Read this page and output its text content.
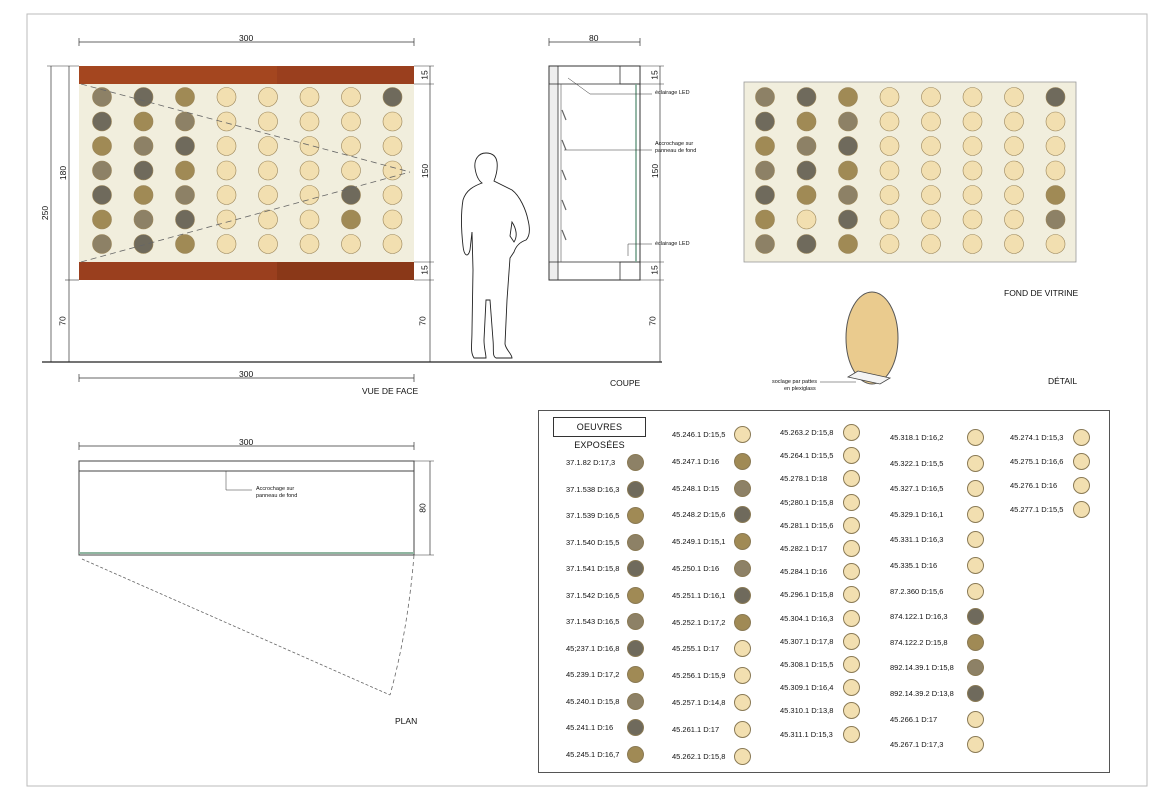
300
250
180
70
15
150
15
70
300
VUE DE FACE
80
15
150
15
70
éclairage LED
Accrochage sur
panneau de fond
éclairage LED
COUPE
FOND DE VITRINE
DÉTAIL
soclage par pattes
en plexiglass
300
80
Accrochage sur
panneau de fond
PLAN
OEUVRES EXPOSÉES
37.1.82 D:17,3
37.1.538 D:16,3
37.1.539 D:16,5
37.1.540 D:15,5
37.1.541 D:15,8
37.1.542 D:16,5
37.1.543 D:16,5
45;237.1 D:16,8
45.239.1 D:17,2
45.240.1 D:15,8
45.241.1 D:16
45.245.1 D:16,7
45.246.1 D:15,5
45.247.1 D:16
45.248.1 D:15
45.248.2 D:15,6
45.249.1 D:15,1
45.250.1 D:16
45.251.1 D:16,1
45.252.1 D:17,2
45.255.1 D:17
45.256.1 D:15,9
45.257.1 D:14,8
45.261.1 D:17
45.262.1 D:15,8
45.263.2 D:15,8
45.264.1 D:15,5
45.278.1 D:18
45;280.1 D:15,8
45.281.1 D:15,6
45.282.1 D:17
45.284.1 D:16
45.296.1 D:15,8
45.304.1 D:16,3
45.307.1 D:17,8
45.308.1 D:15,5
45.309.1 D:16,4
45.310.1 D:13,8
45.311.1 D:15,3
45.318.1 D:16,2
45.322.1 D:15,5
45.327.1 D:16,5
45.329.1 D:16,1
45.331.1 D:16,3
45.335.1 D:16
87.2.360 D:15,6
874.122.1 D:16,3
874.122.2 D:15,8
892.14.39.1 D:15,8
892.14.39.2 D:13,8
45.266.1 D:17
45.267.1 D:17,3
45.274.1 D:15,3
45.275.1 D:16,6
45.276.1 D:16
45.277.1 D:15,5
